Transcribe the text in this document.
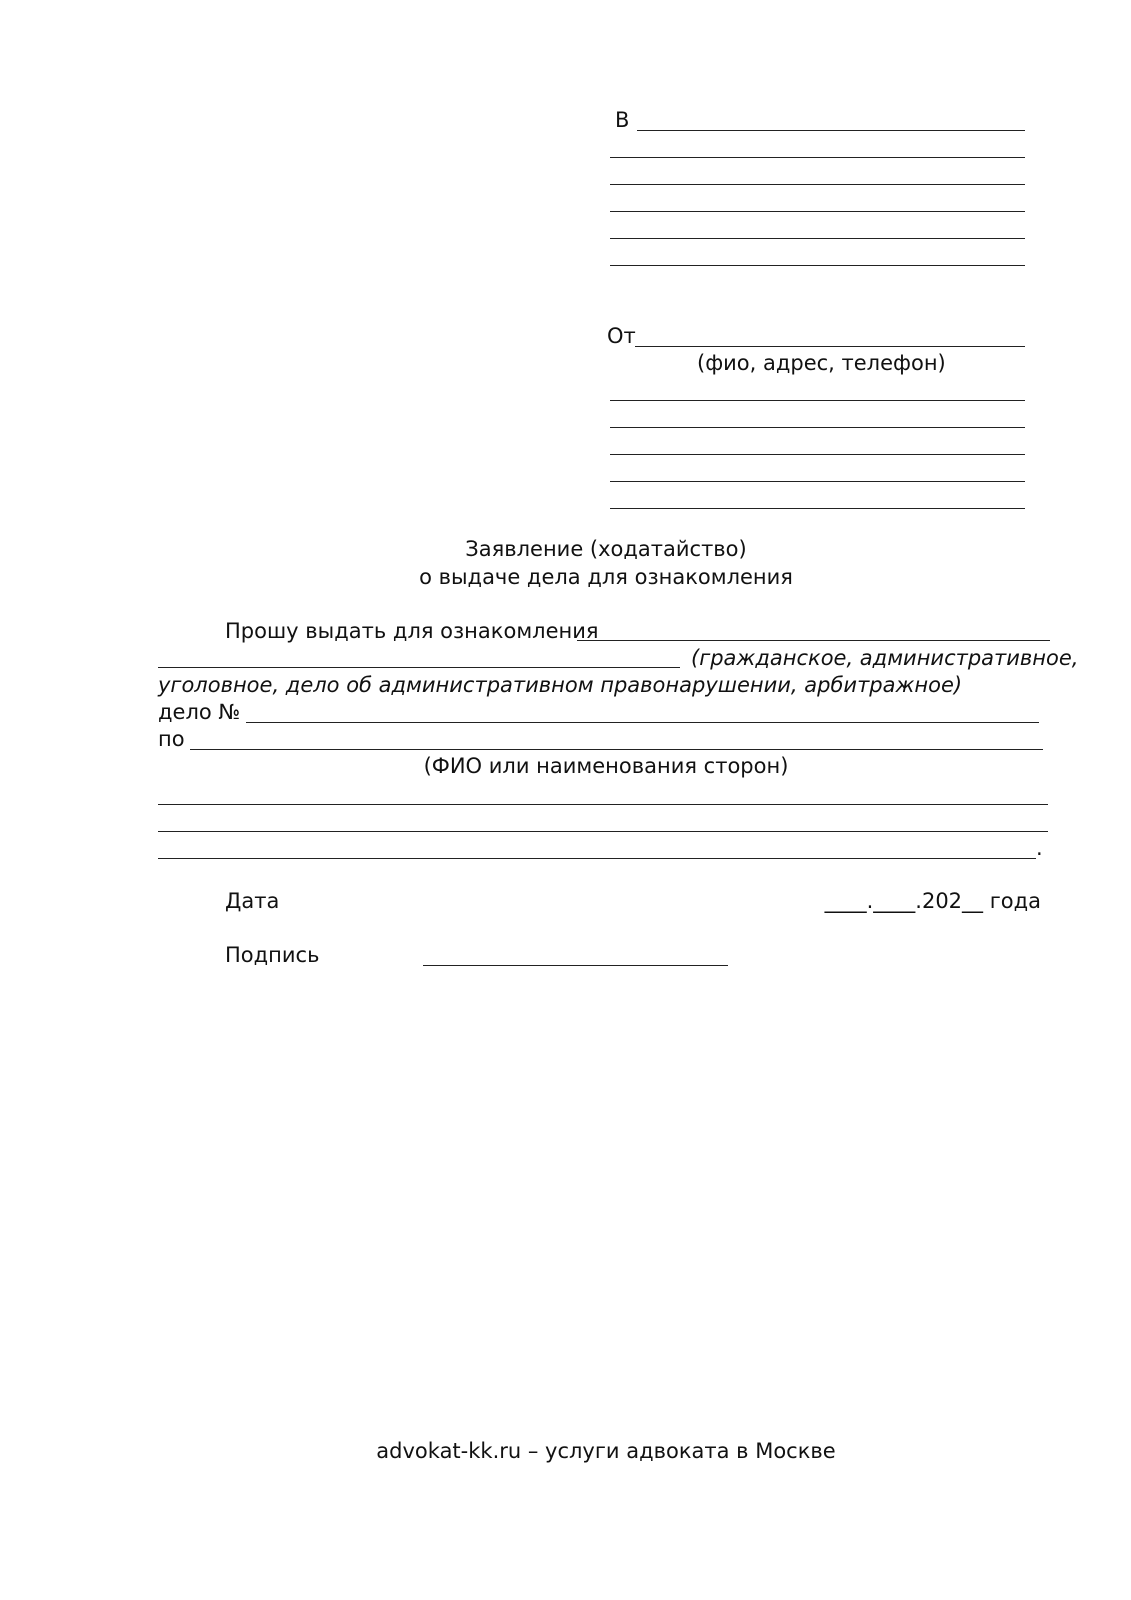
В
От
(фио, адрес, телефон)
Заявление (ходатайство)
о выдаче дела для ознакомления
Прошу выдать для ознакомления
(гражданское, административное,
уголовное, дело об административном правонарушении, арбитражное)
дело №
по
(ФИО или наименования сторон)
.
Дата	____.____.202__ года
Подпись
advokat-kk.ru – услуги адвоката в Москве
